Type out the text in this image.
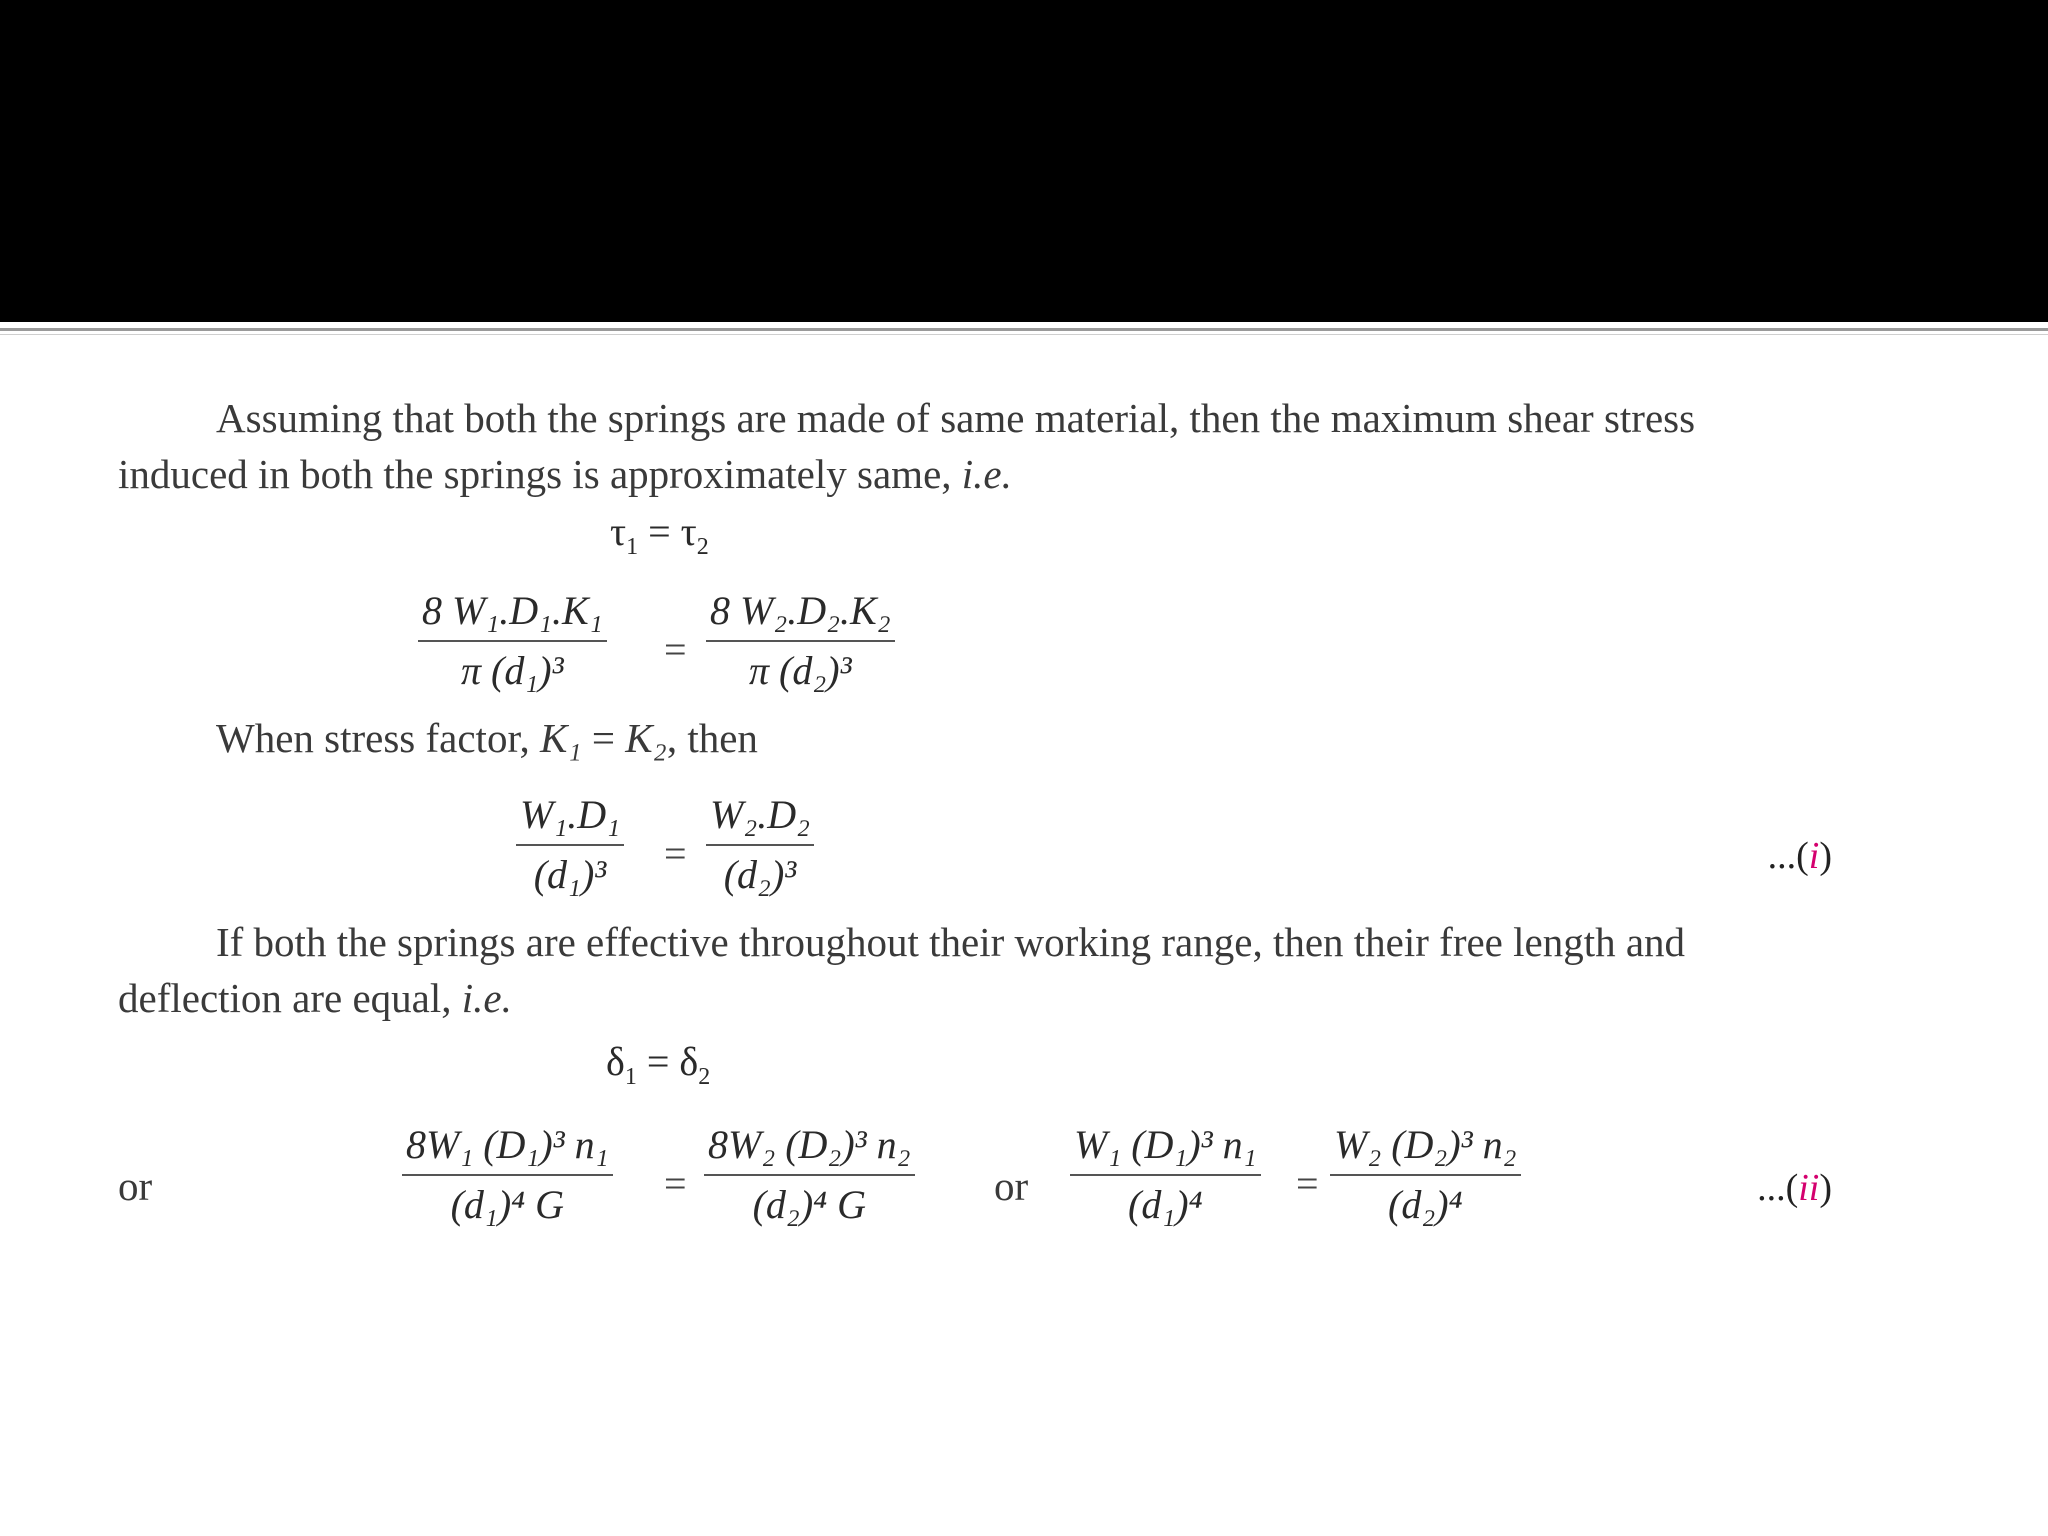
Assuming that both the springs are made of same material, then the maximum shear stress
induced in both the springs is approximately same, i.e.
$\tau_1 = \tau_2$
$\frac{\text{8 W₁.D₁.K₁}}{\text{π (d₁)³}} = \frac{\text{8 W₂.D₂.K₂}}{\text{π (d₂)³}}$
When stress factor, K₁ = K₂, then
$\frac{\text{W₁.D₁}}{\text{(d₁)³}} = \frac{\text{W₂.D₂}}{\text{(d₂)³}}$	...(i)
If both the springs are effective throughout their working range, then their free length and
deflection are equal, i.e.
$\delta_1 = \delta_2$
or	$\frac{\text{8W₁ (D₁)³ n₁}}{\text{(d₁)⁴ G}} = \frac{\text{8W₂ (D₂)³ n₂}}{\text{(d₂)⁴ G}}$ or $\frac{\text{W₁ (D₁)³ n₁}}{\text{(d₁)⁴}} = \frac{\text{W₂ (D₂)³ n₂}}{\text{(d₂)⁴}}$	...(ii)
